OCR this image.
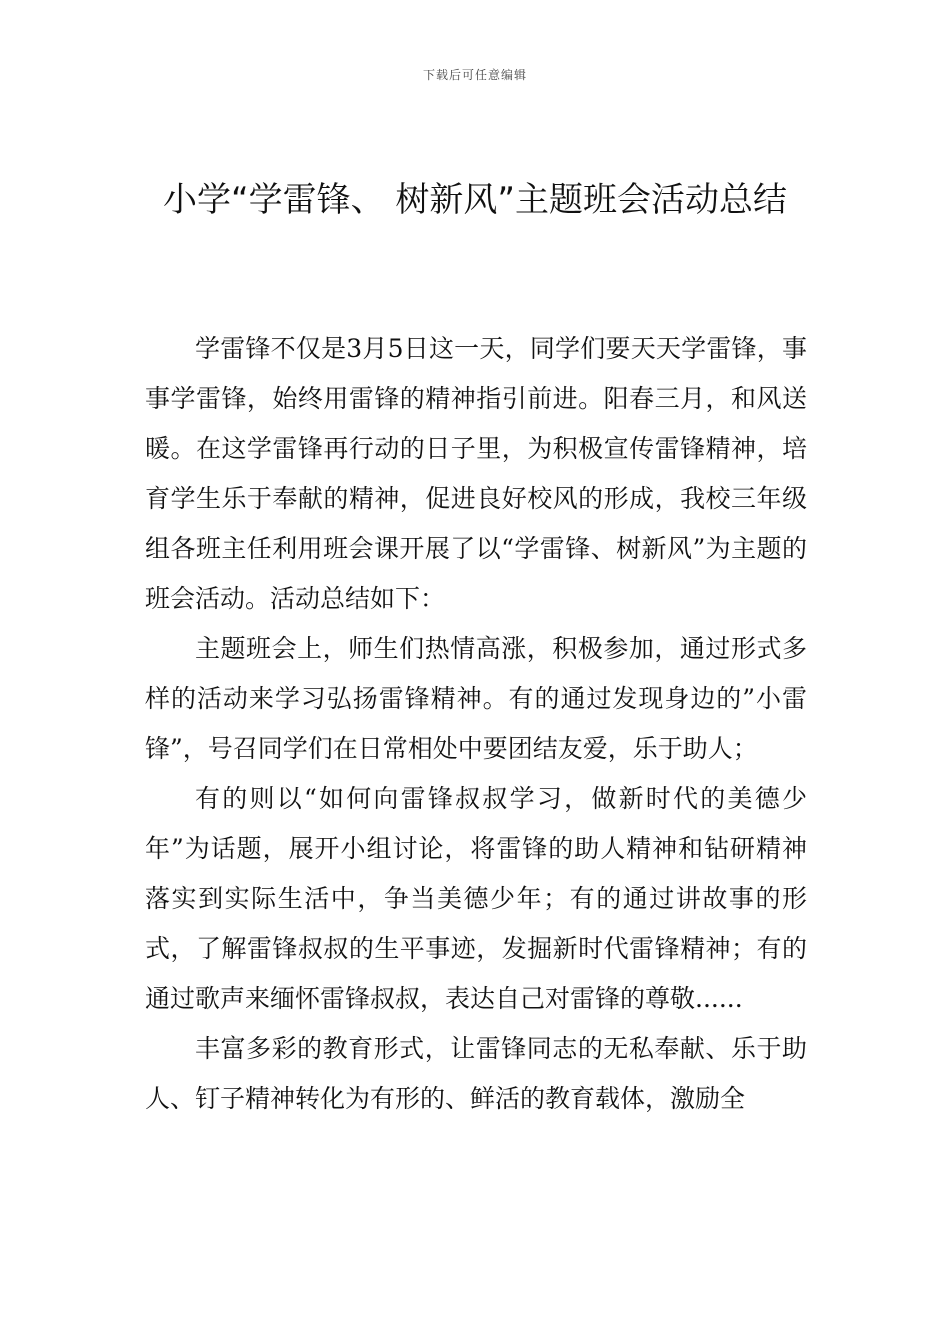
下载后可任意编辑
小学“学雷锋、 树新风”主题班会活动总结

学雷锋不仅是3月5日这一天，同学们要天天学雷锋，事事学雷锋，始终用雷锋的精神指引前进。阳春三月，和风送暖。在这学雷锋再行动的日子里，为积极宣传雷锋精神，培育学生乐于奉献的精神，促进良好校风的形成，我校三年级组各班主任利用班会课开展了以“学雷锋、树新风”为主题的班会活动。活动总结如下：

主题班会上，师生们热情高涨，积极参加，通过形式多样的活动来学习弘扬雷锋精神。有的通过发现身边的”小雷锋”，号召同学们在日常相处中要团结友爱，乐于助人；

有的则以“如何向雷锋叔叔学习，做新时代的美德少年”为话题，展开小组讨论，将雷锋的助人精神和钻研精神落实到实际生活中，争当美德少年；有的通过讲故事的形式，了解雷锋叔叔的生平事迹，发掘新时代雷锋精神；有的通过歌声来缅怀雷锋叔叔，表达自己对雷锋的尊敬......

丰富多彩的教育形式，让雷锋同志的无私奉献、乐于助人、钉子精神转化为有形的、鲜活的教育载体，激励全
